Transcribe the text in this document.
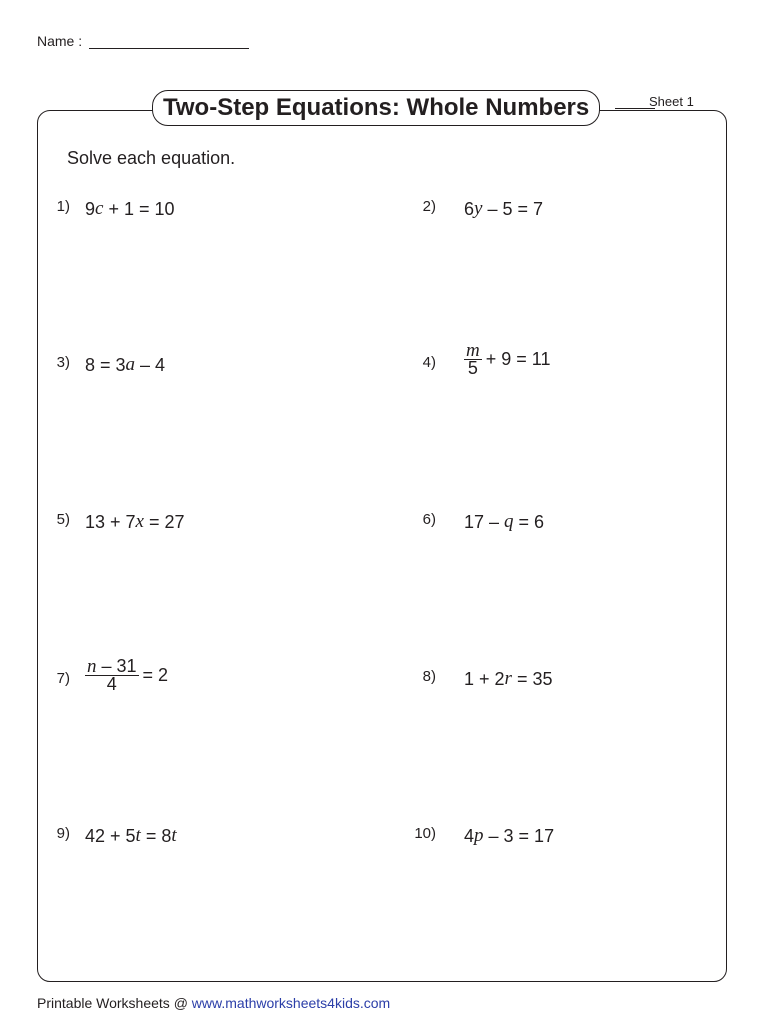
Name :
Two-Step Equations: Whole Numbers	Sheet 1
Solve each equation.
1) 9 c + 1 = 10	2) 6 y – 5 = 7
3) 8 = 3 a – 4	$4) \frac{m}{5} + 9 = 11$
5) 13 + 7 x = 27	6) 17 – q = 6
$7) \frac{n - 31}{4} = 2$	8) 1 + 2 r = 35
9) 42 + 5 t = 8 t	10) 4 p – 3 = 17
Printable Worksheets @ www.mathworksheets4kids.com
